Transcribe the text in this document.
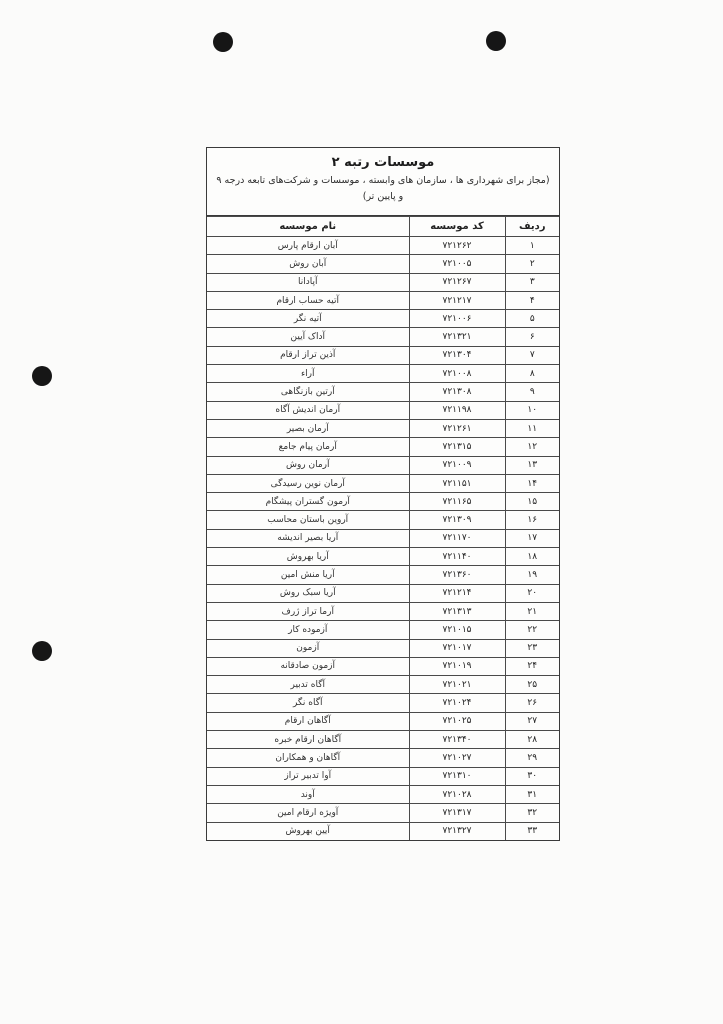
موسسات رتبه ۲
(مجاز برای شهرداری ها ، سازمان های وابسته ، موسسات و شرکت‌های تابعه درجه ۹ و پایین تر)
ردیف	کد موسسه	نام موسسه
۱	۷۲۱۲۶۲	آبان ارقام پارس
۲	۷۲۱۰۰۵	آبان روش
۳	۷۲۱۲۶۷	آپادانا
۴	۷۲۱۲۱۷	آتیه حساب ارقام
۵	۷۲۱۰۰۶	آتیه نگر
۶	۷۲۱۳۲۱	آداک آیین
۷	۷۲۱۳۰۴	آذین تراز ارقام
۸	۷۲۱۰۰۸	آراء
۹	۷۲۱۳۰۸	آرتین بازنگاهی
۱۰	۷۲۱۱۹۸	آرمان اندیش آگاه
۱۱	۷۲۱۲۶۱	آرمان بصیر
۱۲	۷۲۱۳۱۵	آرمان پیام جامع
۱۳	۷۲۱۰۰۹	آرمان روش
۱۴	۷۲۱۱۵۱	آرمان نوین رسیدگی
۱۵	۷۲۱۱۶۵	آرمون گستران پیشگام
۱۶	۷۲۱۳۰۹	آروین باستان محاسب
۱۷	۷۲۱۱۷۰	آریا بصیر اندیشه
۱۸	۷۲۱۱۴۰	آریا بهروش
۱۹	۷۲۱۳۶۰	آریا منش امین
۲۰	۷۲۱۲۱۴	آریا سبک روش
۲۱	۷۲۱۳۱۳	آرما تراز ژرف
۲۲	۷۲۱۰۱۵	آزموده کار
۲۳	۷۲۱۰۱۷	آزمون
۲۴	۷۲۱۰۱۹	آزمون صادقانه
۲۵	۷۲۱۰۲۱	آگاه تدبیر
۲۶	۷۲۱۰۲۴	آگاه نگر
۲۷	۷۲۱۰۲۵	آگاهان ارقام
۲۸	۷۲۱۳۴۰	آگاهان ارقام خبره
۲۹	۷۲۱۰۲۷	آگاهان و همکاران
۳۰	۷۲۱۳۱۰	آوا تدبیر تراز
۳۱	۷۲۱۰۲۸	آوند
۳۲	۷۲۱۳۱۷	آویژه ارقام امین
۳۳	۷۲۱۳۲۷	آیین بهروش
